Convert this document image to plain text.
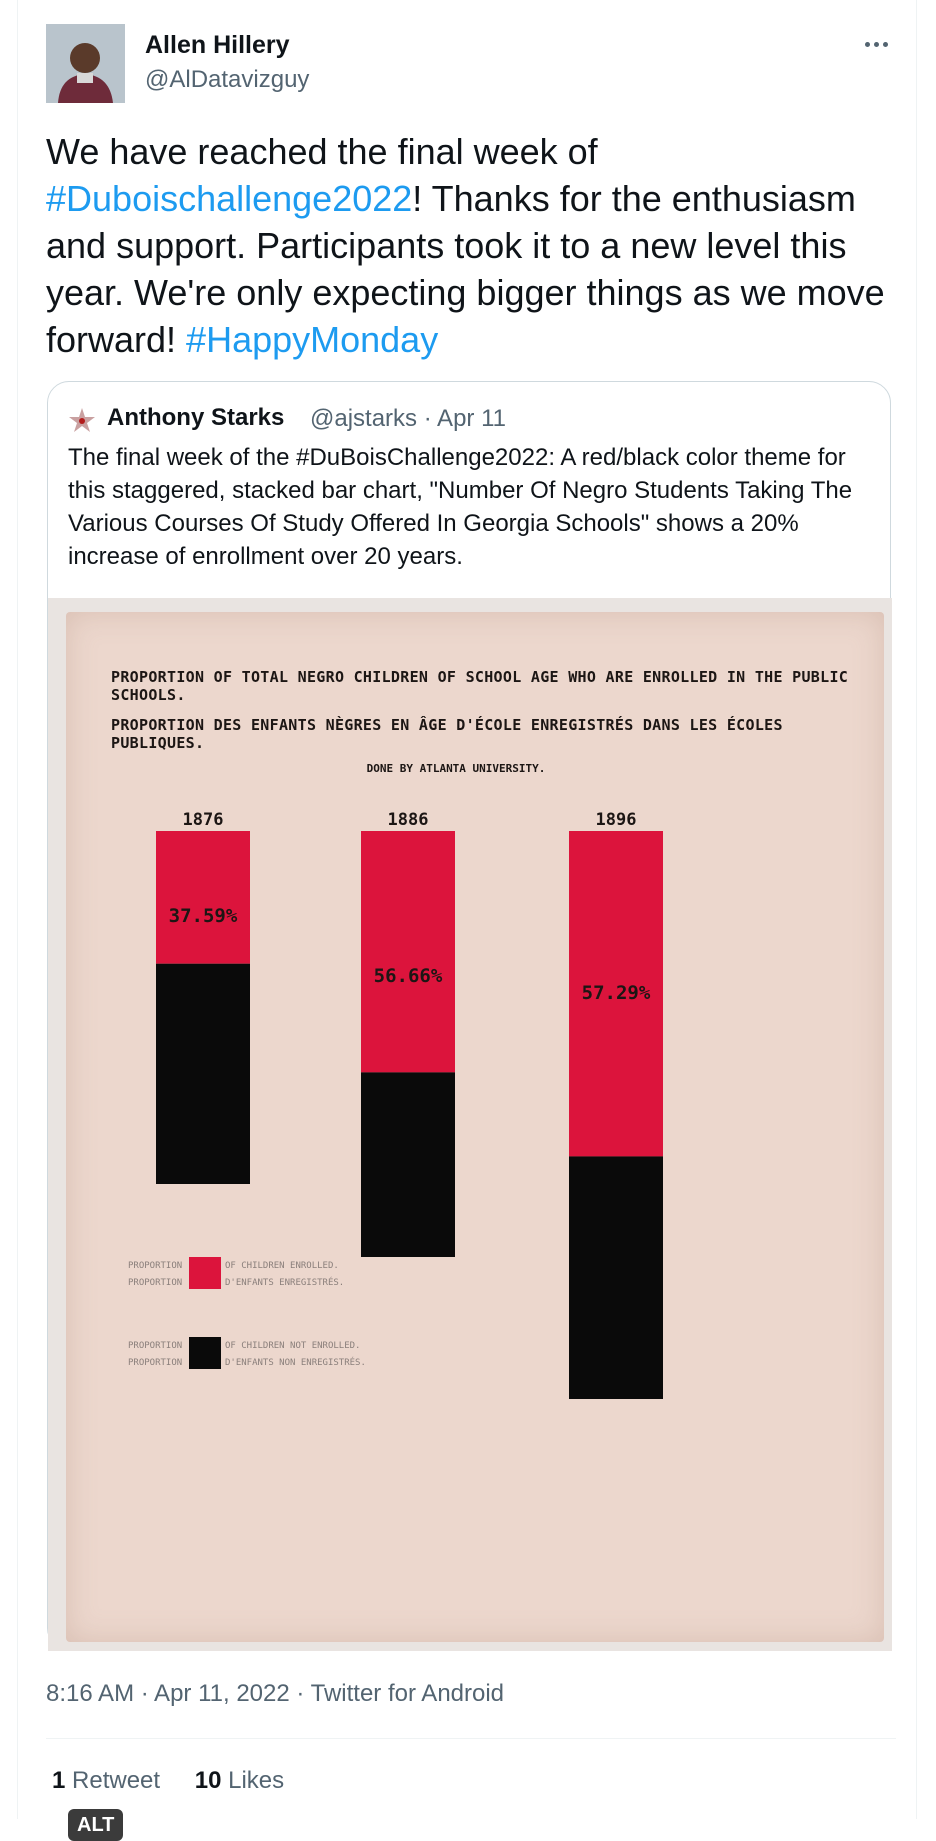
Allen Hillery
@AlDatavizguy
We have reached the final week of #Duboischallenge2022! Thanks for the enthusiasm and support. Participants took it to a new level this year. We're only expecting bigger things as we move forward! #HappyMonday
Anthony Starks @ajstarks · Apr 11
The final week of the #DuBoisChallenge2022: A red/black color theme for this staggered, stacked bar chart, "Number Of Negro Students Taking The Various Courses Of Study Offered In Georgia Schools" shows a 20% increase of enrollment over 20 years.
PROPORTION OF TOTAL NEGRO CHILDREN OF SCHOOL AGE WHO ARE ENROLLED IN THE PUBLIC SCHOOLS.
PROPORTION DES ENFANTS NÈGRES EN ÂGE D'ÉCOLE ENREGISTRÉS DANS LES ÉCOLES PUBLIQUES.
DONE BY ATLANTA UNIVERSITY.
1876
37.59%
1886
56.66%
1896
57.29%
PROPORTION
PROPORTION
OF CHILDREN ENROLLED.
D'ENFANTS ENREGISTRÉS.
PROPORTION
PROPORTION
OF CHILDREN NOT ENROLLED.
D'ENFANTS NON ENREGISTRÉS.
ALT
8:16 AM · Apr 11, 2022 · Twitter for Android
1 Retweet 10 Likes
